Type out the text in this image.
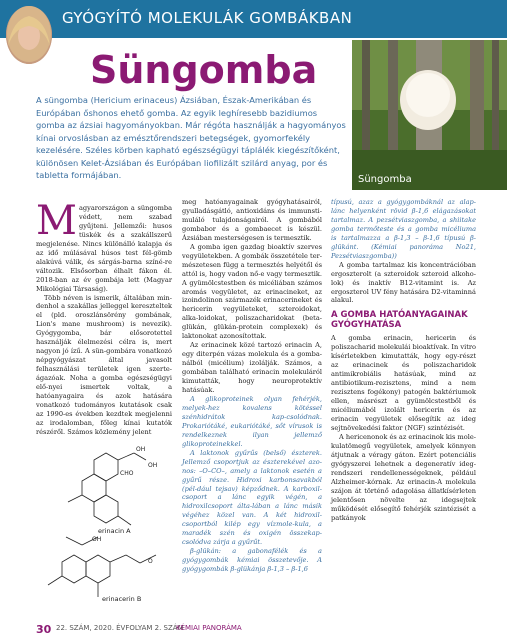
GYÓGYÍTÓ MOLEKULÁK GOMBÁKBAN
Süngomba
Süngomba
A süngomba (Hericium erinaceus) Ázsiában, Észak-Amerikában és Európában őshonos ehető gomba. Az egyik leghíresebb bazidiumos gomba az ázsiai hagyományokban. Már régóta használják a hagyományos kínai orvoslásban az emésztőrendszeri betegségek, gyomorfekély kezelésére. Széles körben kapható egészségügyi táplálék kiegészítőként, különösen Kelet-Ázsiában és Európában liofilizált szilárd anyag, por és tabletta formájában.
M agyarországon a süngomba védett, nem szabad gyűjteni. Jellemzői: husos tüskék és a szakállszerű megjelenése. Nincs különálló kalapja és az idő múlásával húsos test fél-gömb alakúvá válik, és sárgás-barna színé-re változik. Elsősorban élhalt fákon él. 2018-ban az év gombája lett (Magyar Mikológiai Társaság).

Több néven is ismerik, általában min-denhol a szakállas jelleggel kereszteltek el (pld. oroszlánsörény gombának, Lion's mane mushroom) is nevezik). Gyógygomba, bár elősorotettel használják élelmezési célra is, mert nagyon jó ízű. A sün-gombára vonatkozó népgyógyászat által javasolt felhasználási területek igen szerte-ágazóak. Noha a gomba egészségügyi elő-nyei ismertek voltak, a hatóanyagaira és azok hatására vonatkozó tudományos kutatások csak az 1990-es években kezdtek megjelenni az irodalomban, főleg kínai kutatók részéről. Számos közlemény jelent

OH
CHO
OH
OH
O
erinacin A
erinacerin B

meg hatóanyagainak gyógyhatásairól, gyulladásgátló, antioxidáns és immunsti-muláló tulajdonságairól. A gombából gombabor és a gombaecet is készül. Ázsiában mesterségesen is termesztik.

A gomba igen gazdag bioaktív szerves vegyületekben. A gombák összetétele ter-mészetesen függ a termesztés helyétől és attól is, hogy vadon nő-e vagy termesztik. A gyümölcstestben és micéliában számos aromás vegyületet, az erinacineket, az izoindolinon származék erinacerineket és hericerin vegyületeket, szteroidokat, alka-loidokat, poliszacharidokat (beta-glükán, glükán-protein complexek) és laktonokat azonosítottak.

Az erinacinek közé tartozó erinacin A, egy diterpén vázas molekula és a gomba-nálból (micélium) izolálják. Számos, a gombában található erinacin molekuláról kimutatták, hogy neuroprotektív hatásúak.

A glikoproteinek olyan fehérjék, melyek-hez kovalens kötéssel szénhidrátok kap-csolódnak. Prokariótáké, eukariótáké, sőt vírusok is rendelkeznek ilyan jellemző glikoproteinekkel.

A laktonok gyűrűs (belső) észterek. Jellemző csoportjuk az észterekével azo-nos: –O–CO–, amely a laktonok esetén a gyűrű része. Hidroxi karbonsavakból (pél-dául tejsav) képződnek. A karboxil-csoport a lánc egyik végén, a hidroxilcsoport álta-lában a lánc másik végéhez közel van. A két hidroxil-csoportból kilép egy vízmole-kula, a maradék szén és oxigén összekap-csolódva zárja a gyűrűt.

β-glükán: a gabonafélék és a gyógygombák kémiai összetevője. A gyógygombák β-glükánja β-1,3 – β-1,6

típusú, azaz a gyógygombáknál az alap-lánc helyenként rövid β-1,6 elágazásokat tartalmaz. A pezsétviaszgomba, a shiitake gomba termőteste és a gomba micéliuma is tartalmazza a β-1,3 – β-1,6 típusú β-glükánt. (Kémiai panoráma No21, Pezsétviaszgomba))

A gomba tartalmaz kis koncentrációban ergoszterolt (a szteroidok szteroid alkoho-lok) és inaktív B12-vitamint is. Az ergoszterol UV fény hatására D2-vitaminná alakul.

A GOMBA HATÓANYAGAINAK GYÓGYHATÁSA

A gomba erinacin, hericerin és poliszacharid molekulái bioaktívak. In vitro kísérletekben kimutatták, hogy egy-részt az erinacinek és poliszacharidok antimikrobiális hatásúak, mind az antibiotikum-rezisztens, mind a nem rezisztens fogékony) patogén baktériumok ellen, másrészt a gyümölcstestből és micéliumából izolált hericerin és az erinacin vegyületek elősegítik az ideg sejtnövekedési faktor (NGF) szintézisét.

A hericenonok és az erinacinok kis mole-kulatömegű vegyületek, amelyek könnyen átjutnak a véragy gáton. Ezért potenciális gyógyszerei lehetnek a degeneratív ideg-rendszeri rendellenességeknek, például Alzheimer-kórnak. Az erinacin-A molekula szájon át történő adagolása állatkísérleten jelentősen növelte az idegsejtek működését elősegítő fehérjék szintézisét a patkányok

30 22. SZÁM, 2020. ÉVFOLYAM 2. SZÁM
KÉMIAI PANORÁMA
